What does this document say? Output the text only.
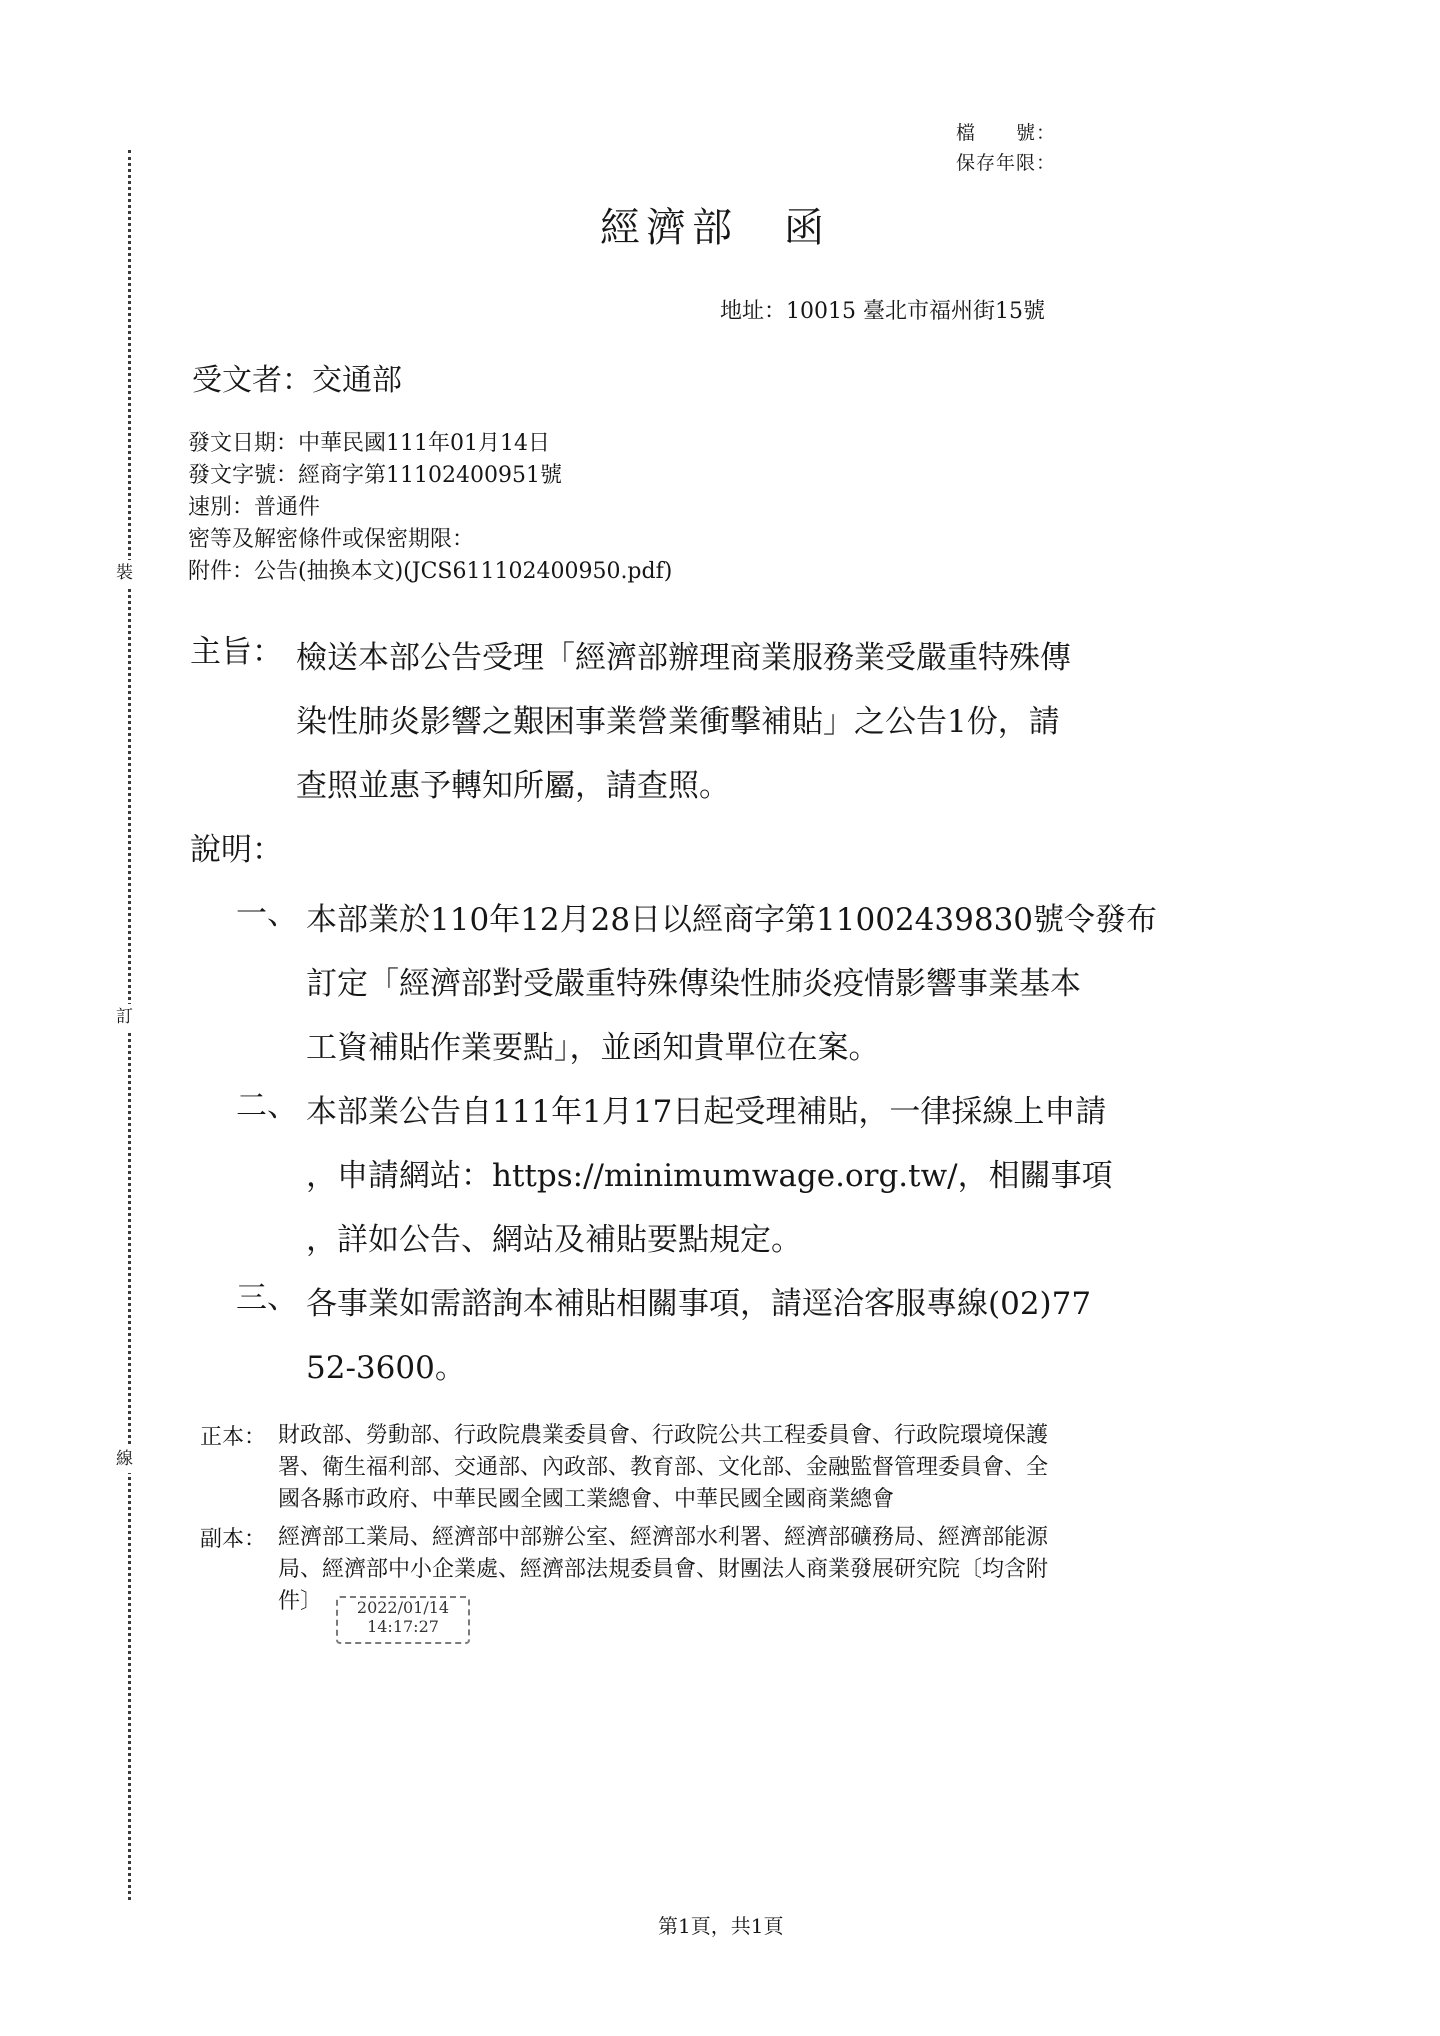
裝
訂
線
檔　　號：
保存年限：
經濟部　函
地址：10015 臺北市福州街15號
受文者：交通部
發文日期：中華民國111年01月14日
發文字號：經商字第11102400951號
速別：普通件
密等及解密條件或保密期限：
附件：公告(抽換本文)(JCS611102400950.pdf)
主旨： 檢送本部公告受理「經濟部辦理商業服務業受嚴重特殊傳
染性肺炎影響之艱困事業營業衝擊補貼」之公告1份，請
查照並惠予轉知所屬，請查照。
說明：
一、 本部業於110年12月28日以經商字第11002439830號令發布
訂定「經濟部對受嚴重特殊傳染性肺炎疫情影響事業基本
工資補貼作業要點」，並函知貴單位在案。
二、 本部業公告自111年1月17日起受理補貼，一律採線上申請
，申請網站：https://minimumwage.org.tw/，相關事項
，詳如公告、網站及補貼要點規定。
三、 各事業如需諮詢本補貼相關事項，請逕洽客服專線(02)77
52-3600。
正本： 財政部、勞動部、行政院農業委員會、行政院公共工程委員會、行政院環境保護
署、衛生福利部、交通部、內政部、教育部、文化部、金融監督管理委員會、全
國各縣市政府、中華民國全國工業總會、中華民國全國商業總會
副本： 經濟部工業局、經濟部中部辦公室、經濟部水利署、經濟部礦務局、經濟部能源
局、經濟部中小企業處、經濟部法規委員會、財團法人商業發展研究院〔均含附
件〕	2022/01/14
14:17:27
第1頁，共1頁
